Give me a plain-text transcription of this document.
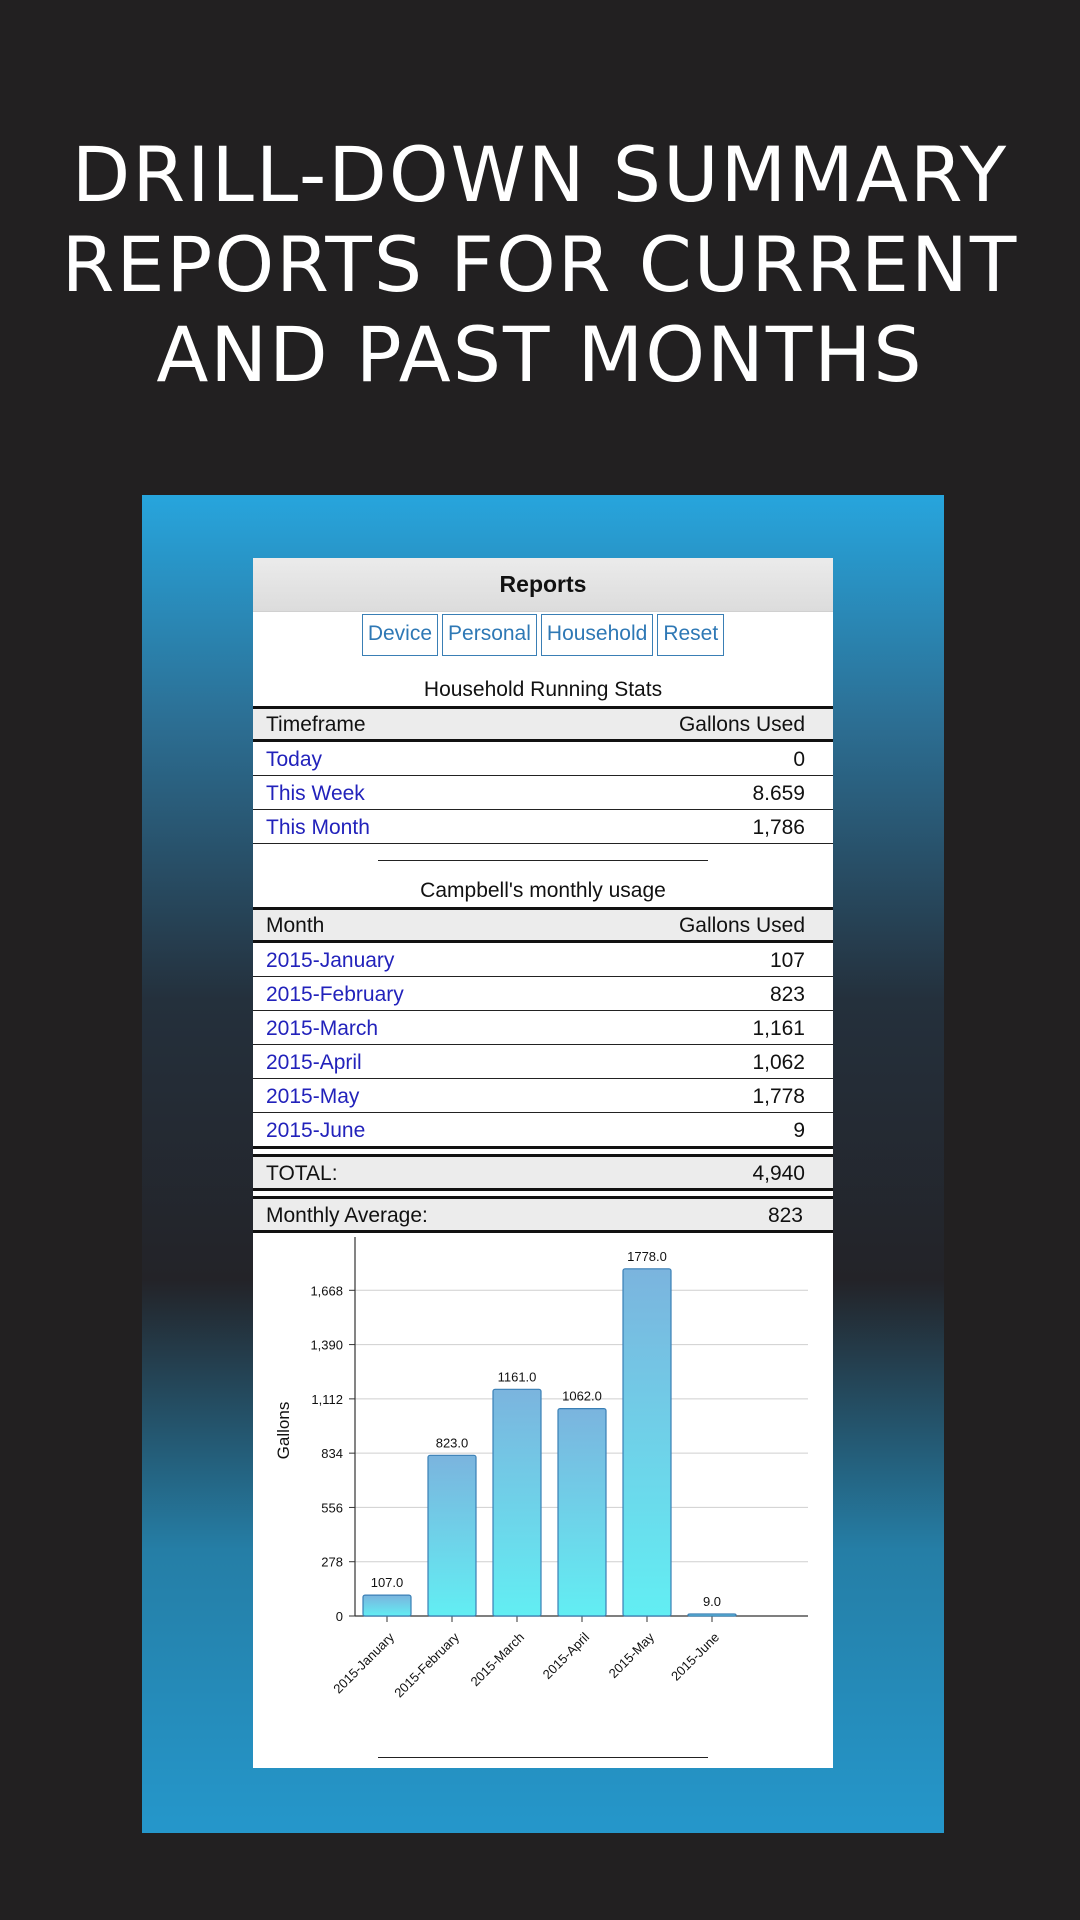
DRILL-DOWN SUMMARY
REPORTS FOR CURRENT
AND PAST MONTHS
Reports
Device Personal Household Reset
Household Running Stats
Timeframe	Gallons Used
Today	0
This Week	8.659
This Month	1,786
Campbell's monthly usage
Month	Gallons Used
2015-January	107
2015-February	823
2015-March	1,161
2015-April	1,062
2015-May	1,778
2015-June	9
TOTAL:	4,940
Monthly Average:	823
0
278
556
834
1,112
1,390
1,668
Gallons
107.0
2015-January
823.0
2015-February
1161.0
2015-March
1062.0
2015-April
1778.0
2015-May
9.0
2015-June
